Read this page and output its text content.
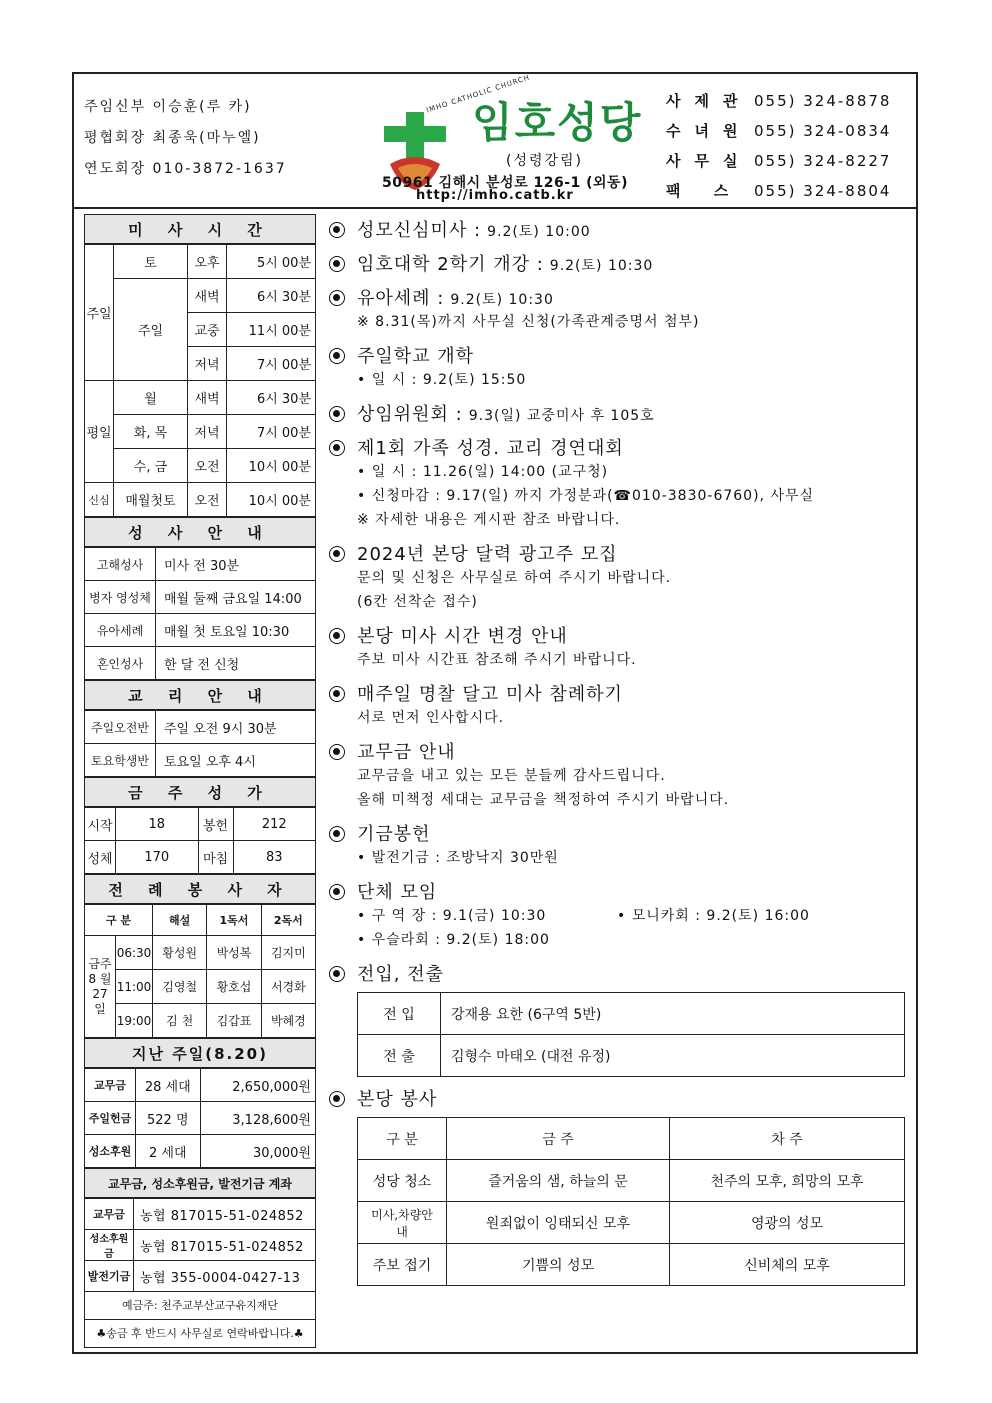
주임신부 이승훈(루 카)
평협회장 최종욱(마누엘)
연도회장 010-3872-1637
IMHO CATHOLIC CHURCH
임호성당
(성령강림)
50961 김해시 분성로 126-1 (외동)
http://imho.catb.kr
사제관 055) 324-8878
수녀원 055) 324-0834
사무실 055) 324-8227
팩 스 055) 324-8804
미 사 시 간
주일	토	오후	5시 00분
	주일	새벽	6시 30분
		교중	11시 00분
		저녁	7시 00분
평일	월	새벽	6시 30분
	화, 목	저녁	7시 00분
	수, 금	오전	10시 00분
신심	매월첫토	오전	10시 00분
성 사 안 내
고해성사	미사 전 30분
병자 영성체	매월 둘째 금요일 14:00
유아세례	매월 첫 토요일 10:30
혼인성사	한 달 전 신청
교 리 안 내
주일오전반	주일 오전 9시 30분
토요학생반	토요일 오후 4시
금 주 성 가
시작	18	봉헌	212
성체	170	마침	83
전 례 봉 사 자
구 분		해설	1독서	2독서
금주 8 월 27 일	06:30	황성원	박성복	김지미
	11:00	김영철	황호섭	서경화
	19:00	김 천	김갑표	박혜경
지난 주일(8.20)
교무금	28 세대	2,650,000원
주일헌금	522 명	3,128,600원
성소후원	2 세대	30,000원
교무금, 성소후원금, 발전기금 계좌
교무금	농협 817015-51-024852
성소후원금	농협 817015-51-024852
발전기금	농협 355-0004-0427-13
예금주: 천주교부산교구유지재단
♣송금 후 반드시 사무실로 연락바랍니다.♣
성모신심미사 : 9.2(토) 10:00
임호대학 2학기 개강 : 9.2(토) 10:30
유아세례 : 9.2(토) 10:30
※ 8.31(목)까지 사무실 신청(가족관계증명서 첨부)
주일학교 개학
• 일 시 : 9.2(토) 15:50
상임위원회 : 9.3(일) 교중미사 후 105호
제1회 가족 성경. 교리 경연대회
• 일 시 : 11.26(일) 14:00 (교구청)
• 신청마감 : 9.17(일) 까지 가정분과(☎010-3830-6760), 사무실
※ 자세한 내용은 게시판 참조 바랍니다.
2024년 본당 달력 광고주 모집
문의 및 신청은 사무실로 하여 주시기 바랍니다.
(6칸 선착순 접수)
본당 미사 시간 변경 안내
주보 미사 시간표 참조해 주시기 바랍니다.
매주일 명찰 달고 미사 참례하기
서로 먼저 인사합시다.
교무금 안내
교무금을 내고 있는 모든 분들께 감사드립니다.
올해 미책정 세대는 교무금을 책정하여 주시기 바랍니다.
기금봉헌
• 발전기금 : 조방낙지 30만원
단체 모임
• 구 역 장 : 9.1(금) 10:30	• 모니카회 : 9.2(토) 16:00
• 우슬라회 : 9.2(토) 18:00
전입, 전출
전 입	강재용 요한 (6구역 5반)
전 출	김형수 마태오 (대전 유정)
본당 봉사
구 분	금 주	차 주
성당 청소	즐거움의 샘, 하늘의 문	천주의 모후, 희망의 모후
미사,차량안내	원죄없이 잉태되신 모후	영광의 성모
주보 접기	기쁨의 성모	신비체의 모후
